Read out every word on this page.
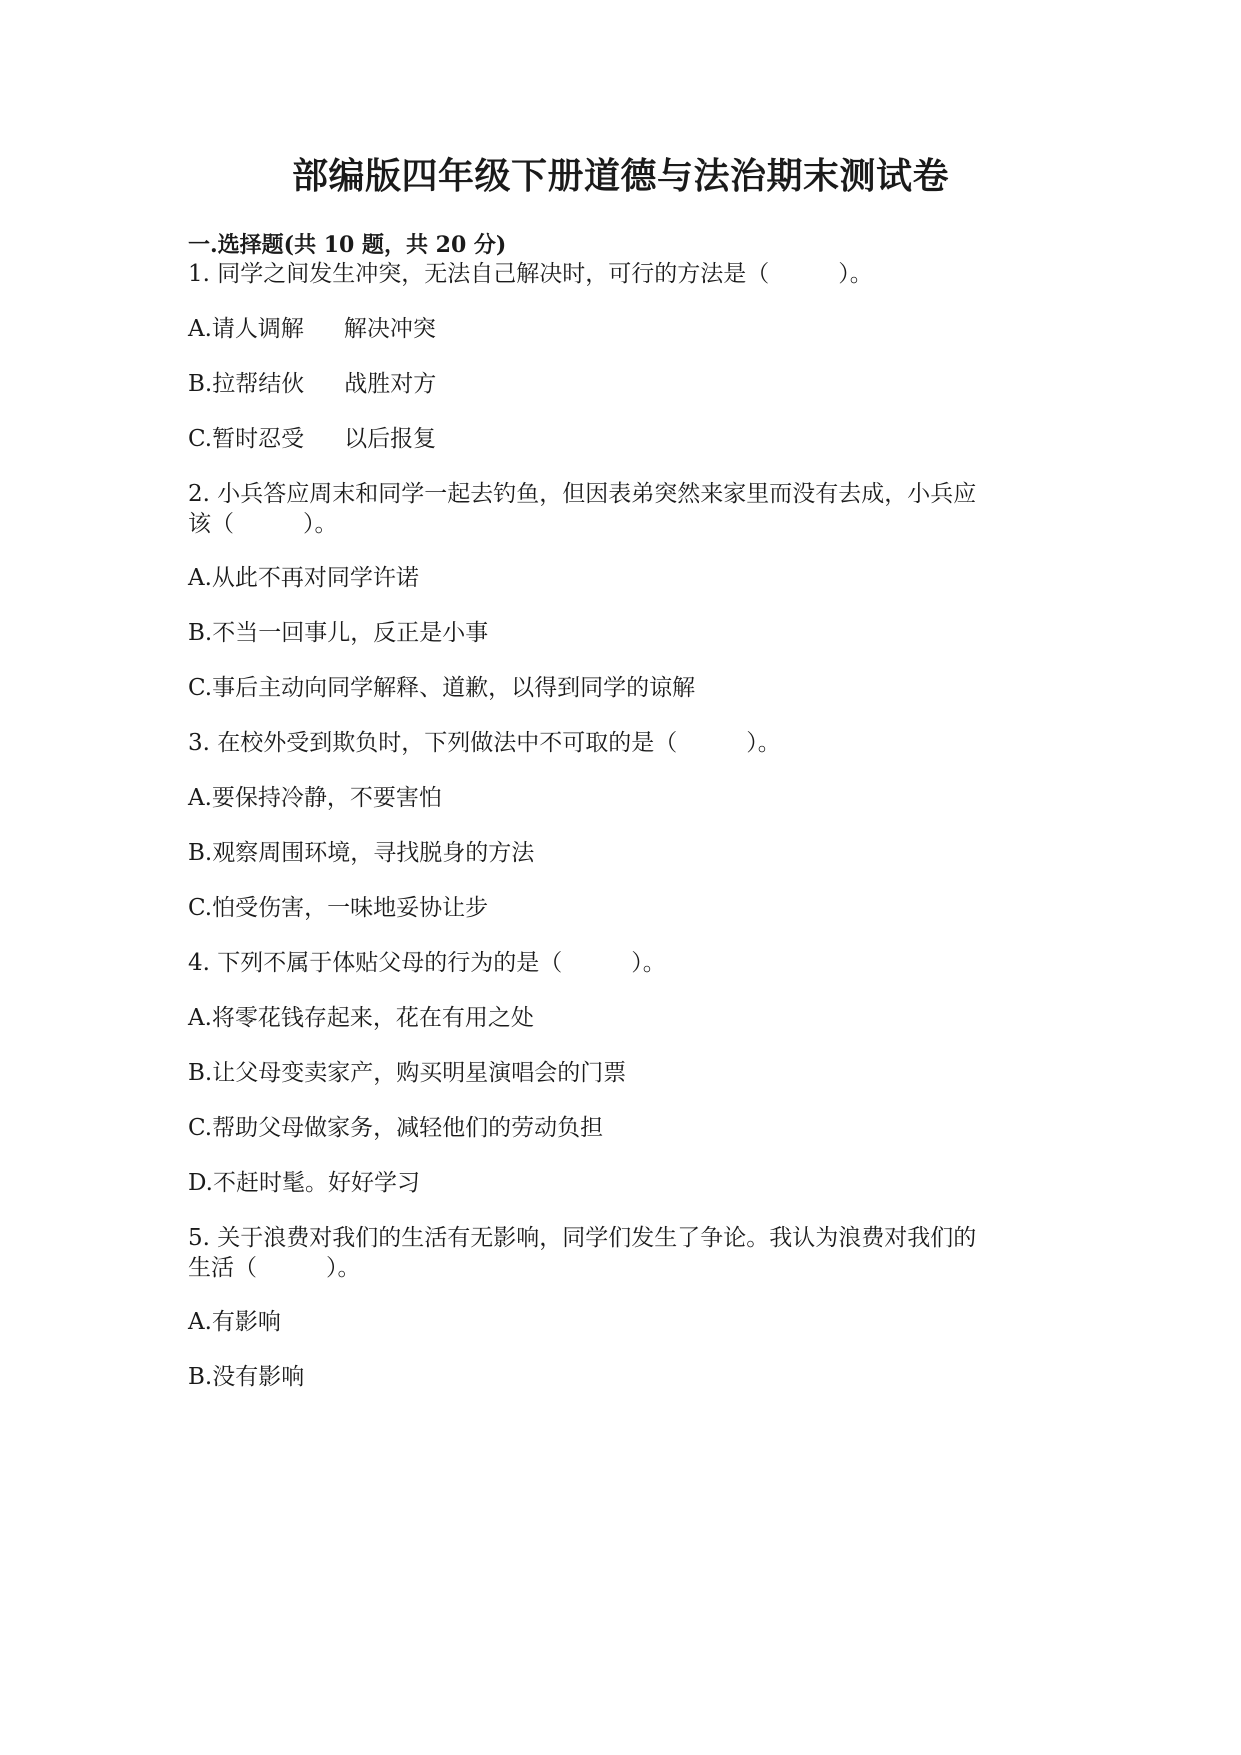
部编版四年级下册道德与法治期末测试卷
一.选择题(共 10 题，共 20 分)
1. 同学之间发生冲突，无法自己解决时，可行的方法是（　　　）。
A.请人调解 解决冲突
B.拉帮结伙 战胜对方
C.暂时忍受 以后报复
2. 小兵答应周末和同学一起去钓鱼，但因表弟突然来家里而没有去成，小兵应
该（　　　）。
A.从此不再对同学许诺
B.不当一回事儿，反正是小事
C.事后主动向同学解释、道歉，以得到同学的谅解
3. 在校外受到欺负时，下列做法中不可取的是（　　　）。
A.要保持冷静，不要害怕
B.观察周围环境，寻找脱身的方法
C.怕受伤害，一味地妥协让步
4. 下列不属于体贴父母的行为的是（　　　）。
A.将零花钱存起来，花在有用之处
B.让父母变卖家产，购买明星演唱会的门票
C.帮助父母做家务，减轻他们的劳动负担
D.不赶时髦。好好学习
5. 关于浪费对我们的生活有无影响，同学们发生了争论。我认为浪费对我们的
生活（　　　）。
A.有影响
B.没有影响
